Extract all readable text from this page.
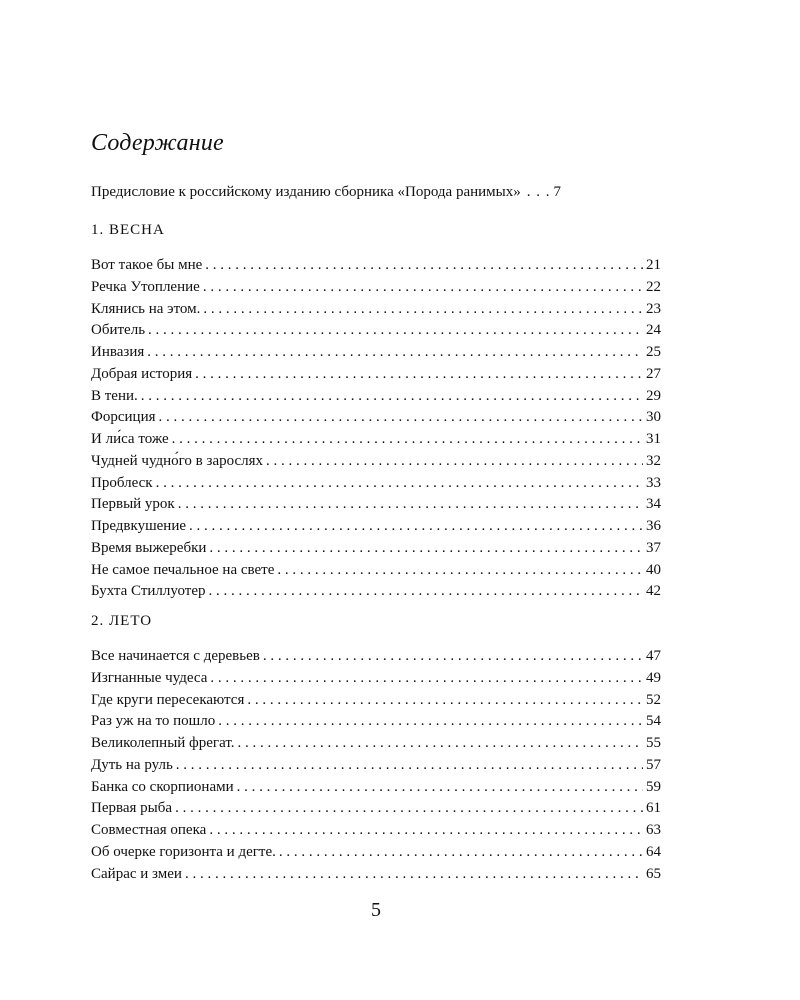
Содержание
Предисловие к российскому изданию сборника «Порода ранимых» . . . 7
1. ВЕСНА
Вот такое бы мне . . .	21
Речка Утопление . . .	22
Клянись на этом. . . .	23
Обитель . . .	24
Инвазия . . .	25
Добрая история . . .	27
В тени. . . .	29
Форсиция . . .	30
И ли́са тоже . . .	31
Чудней чудно́го в зарослях . . .	32
Проблеск . . .	33
Первый урок . . .	34
Предвкушение . . .	36
Время выжеребки . . .	37
Не самое печальное на свете . . .	40
Бухта Стиллуотер . . .	42
2. ЛЕТО
Все начинается с деревьев . . .	47
Изгнанные чудеса . . .	49
Где круги пересекаются . . .	52
Раз уж на то пошло . . .	54
Великолепный фрегат. . . .	55
Дуть на руль . . .	57
Банка со скорпионами . . .	59
Первая рыба . . .	61
Совместная опека . . .	63
Об очерке горизонта и дегте. . . .	64
Сайрас и змеи . . .	65
5
